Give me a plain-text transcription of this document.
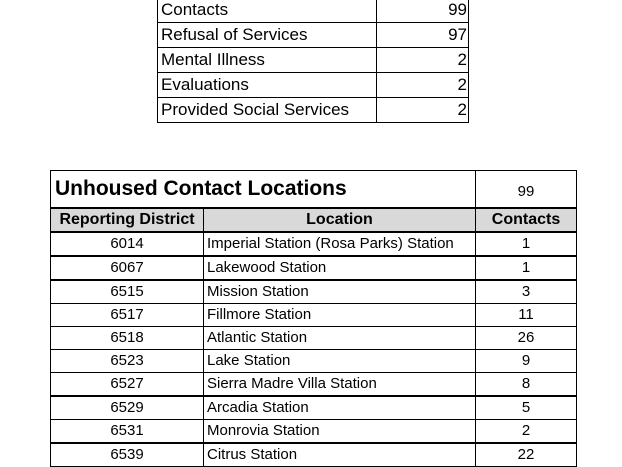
Contacts	99
Refusal of Services	97
Mental Illness	2
Evaluations	2
Provided Social Services	2
Unhoused Contact Locations		99
Reporting District	Location	Contacts
6014	Imperial Station (Rosa Parks) Station	1
6067	Lakewood Station	1
6515	Mission Station	3
6517	Fillmore Station	11
6518	Atlantic Station	26
6523	Lake Station	9
6527	Sierra Madre Villa Station	8
6529	Arcadia Station	5
6531	Monrovia Station	2
6539	Citrus Station	22
